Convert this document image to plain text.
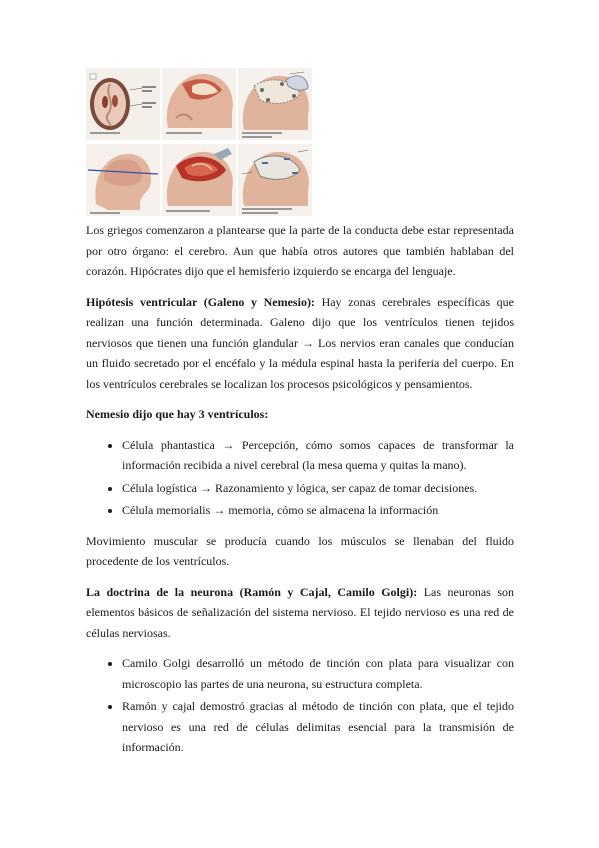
Los griegos comenzaron a plantearse que la parte de la conducta debe estar representada por otro órgano: el cerebro. Aun que había otros autores que también hablaban del corazón. Hipócrates dijo que el hemisferio izquierdo se encarga del lenguaje.

Hipótesis ventricular (Galeno y Nemesio): Hay zonas cerebrales específicas que realizan una función determinada. Galeno dijo que los ventrículos tienen tejidos nerviosos que tienen una función glandular → Los nervios eran canales que conducían un fluido secretado por el encéfalo y la médula espinal hasta la periferia del cuerpo. En los ventrículos cerebrales se localizan los procesos psicológicos y pensamientos.

Nemesio dijo que hay 3 ventrículos:

• Célula phantastica → Percepción, cómo somos capaces de transformar la información recibida a nivel cerebral (la mesa quema y quitas la mano).
• Célula logística → Razonamiento y lógica, ser capaz de tomar decisiones.
• Célula memorialis → memoria, cómo se almacena la información

Movimiento muscular se producía cuando los músculos se llenaban del fluido procedente de los ventrículos.

La doctrina de la neurona (Ramón y Cajal, Camilo Golgi): Las neuronas son elementos básicos de señalización del sistema nervioso. El tejido nervioso es una red de células nerviosas.

• Camilo Golgi desarrolló un método de tinción con plata para visualizar con microscopio las partes de una neurona, su estructura completa.
• Ramón y cajal demostró gracias al método de tinción con plata, que el tejido nervioso es una red de células delimitas esencial para la transmisión de información.
